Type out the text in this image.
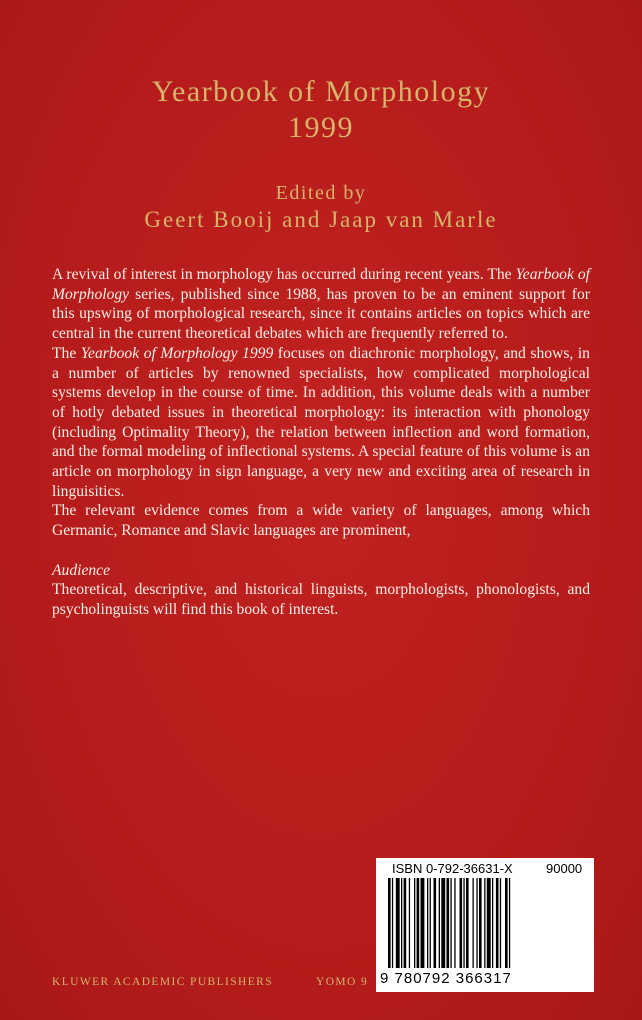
Yearbook of Morphology
1999
Edited by
Geert Booij and Jaap van Marle

A revival of interest in morphology has occurred during recent years. The Yearbook of Morphology series, published since 1988, has proven to be an eminent support for this upswing of morphological research, since it contains articles on topics which are central in the current theoretical debates which are frequently referred to.

The Yearbook of Morphology 1999 focuses on diachronic morphology, and shows, in a number of articles by renowned specialists, how complicated morphological systems develop in the course of time. In addition, this volume deals with a number of hotly debated issues in theoretical morphology: its interaction with phonology (including Optimality Theory), the relation between inflection and word formation, and the formal modeling of inflectional systems. A special feature of this volume is an article on morphology in sign language, a very new and exciting area of research in linguisitics.

The relevant evidence comes from a wide variety of languages, among which Germanic, Romance and Slavic languages are prominent,

Audience

Theoretical, descriptive, and historical linguists, morphologists, phonologists, and psycholinguists will find this book of interest.

KLUWER ACADEMIC PUBLISHERS	YOMO 9
ISBN 0-792-36631-X	90000
9 780792 366317
